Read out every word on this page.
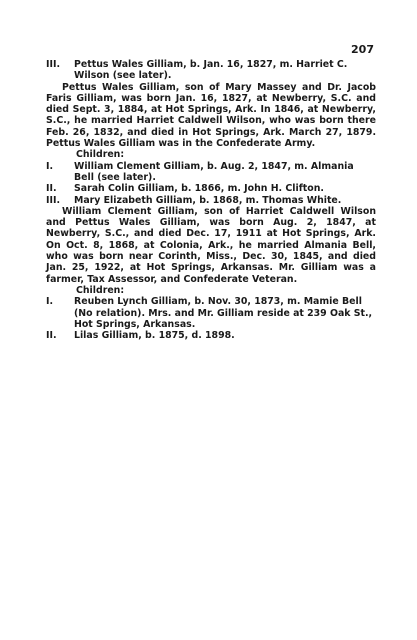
207
III.	Pettus Wales Gilliam, b. Jan. 16, 1827, m. Harriet C. Wilson (see later).

Pettus Wales Gilliam, son of Mary Massey and Dr. Jacob Faris Gilliam, was born Jan. 16, 1827, at Newberry, S.C. and died Sept. 3, 1884, at Hot Springs, Ark. In 1846, at Newberry, S.C., he married Harriet Caldwell Wilson, who was born there Feb. 26, 1832, and died in Hot Springs, Ark. March 27, 1879. Pettus Wales Gilliam was in the Confederate Army.

Children:
I.	William Clement Gilliam, b. Aug. 2, 1847, m. Almania Bell (see later).
II.	Sarah Colin Gilliam, b. 1866, m. John H. Clifton.
III.	Mary Elizabeth Gilliam, b. 1868, m. Thomas White.

William Clement Gilliam, son of Harriet Caldwell Wilson and Pettus Wales Gilliam, was born Aug. 2, 1847, at Newberry, S.C., and died Dec. 17, 1911 at Hot Springs, Ark. On Oct. 8, 1868, at Colonia, Ark., he married Almania Bell, who was born near Corinth, Miss., Dec. 30, 1845, and died Jan. 25, 1922, at Hot Springs, Arkansas. Mr. Gilliam was a farmer, Tax Assessor, and Confederate Veteran.

Children:
I.	Reuben Lynch Gilliam, b. Nov. 30, 1873, m. Mamie Bell (No relation). Mrs. and Mr. Gilliam reside at 239 Oak St., Hot Springs, Arkansas.
II.	Lilas Gilliam, b. 1875, d. 1898.
